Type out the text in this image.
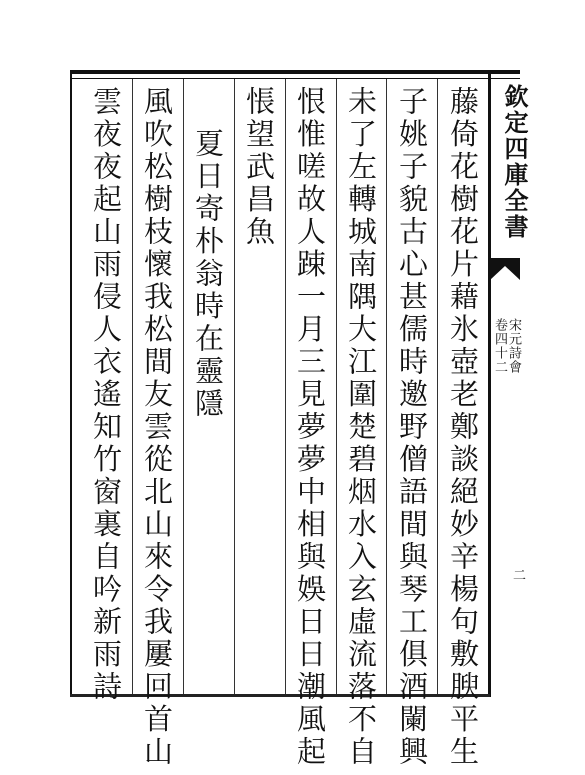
欽定四庫全書
宋元詩會
卷四十二
二
藤倚花樹花片藉氷壺老鄭談絕妙辛楊句敷腴平生
子姚子貌古心甚儒時邀野僧語間與琴工俱酒闌興
未了左轉城南隅大江圍楚碧烟水入玄虛流落不自
恨惟嗟故人踈一月三見夢夢中相與娛日日潮風起
悵望武昌魚
夏日寄朴翁時在靈隱
風吹松樹枝懷我松間友雲從北山來令我屢回首山
雲夜夜起山雨侵人衣遙知竹窗裏自吟新雨詩
